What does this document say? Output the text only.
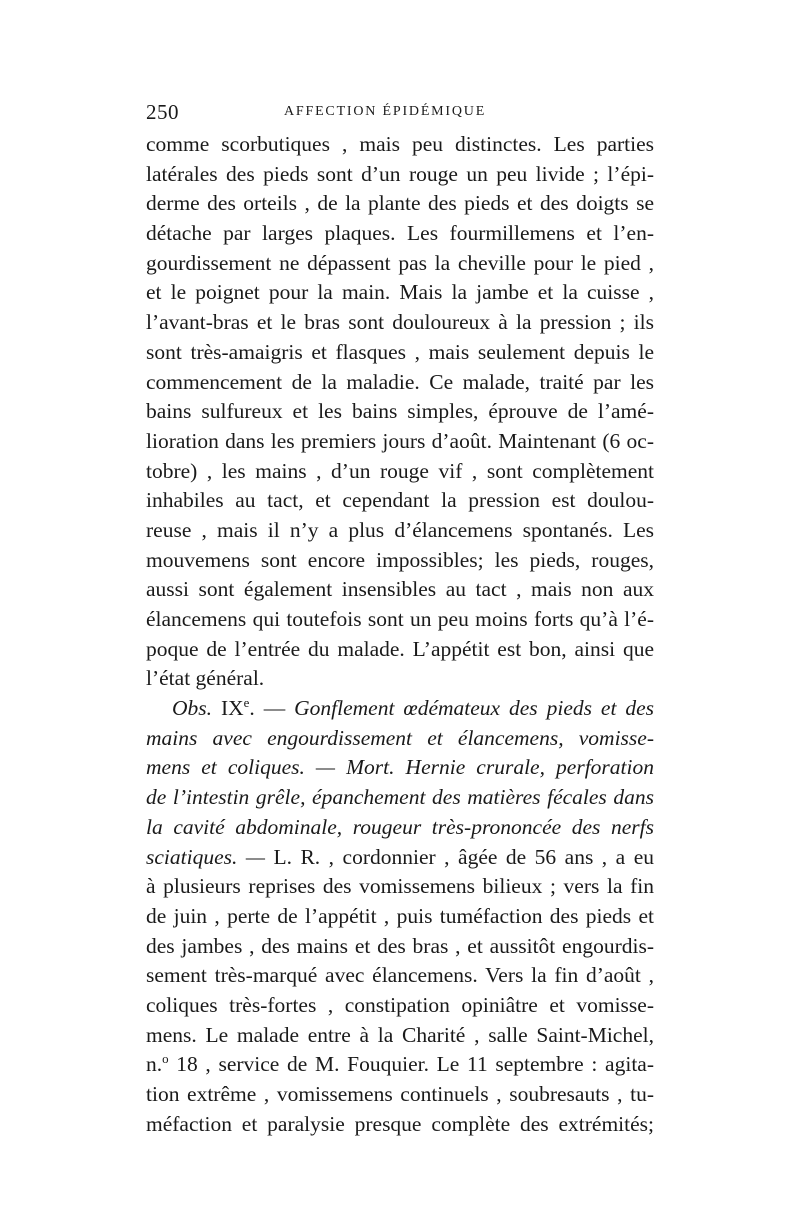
250	AFFECTION ÉPIDÉMIQUE
comme scorbutiques , mais peu distinctes. Les parties
latérales des pieds sont d’un rouge un peu livide ; l’épi-
derme des orteils , de la plante des pieds et des doigts se
détache par larges plaques. Les fourmillemens et l’en-
gourdissement ne dépassent pas la cheville pour le pied ,
et le poignet pour la main. Mais la jambe et la cuisse ,
l’avant-bras et le bras sont douloureux à la pression ; ils
sont très-amaigris et flasques , mais seulement depuis le
commencement de la maladie. Ce malade, traité par les
bains sulfureux et les bains simples, éprouve de l’amé-
lioration dans les premiers jours d’août. Maintenant (6 oc-
tobre) , les mains , d’un rouge vif , sont complètement
inhabiles au tact, et cependant la pression est doulou-
reuse , mais il n’y a plus d’élancemens spontanés. Les
mouvemens sont encore impossibles; les pieds, rouges,
aussi sont également insensibles au tact , mais non aux
élancemens qui toutefois sont un peu moins forts qu’à l’é-
poque de l’entrée du malade. L’appétit est bon, ainsi que
l’état général.
Obs. IXe. — Gonflement œdémateux des pieds et des
mains avec engourdissement et élancemens, vomisse-
mens et coliques. — Mort. Hernie crurale, perforation
de l’intestin grêle, épanchement des matières fécales dans
la cavité abdominale, rougeur très-prononcée des nerfs
sciatiques. — L. R. , cordonnier , âgée de 56 ans , a eu
à plusieurs reprises des vomissemens bilieux ; vers la fin
de juin , perte de l’appétit , puis tuméfaction des pieds et
des jambes , des mains et des bras , et aussitôt engourdis-
sement très-marqué avec élancemens. Vers la fin d’août ,
coliques très-fortes , constipation opiniâtre et vomisse-
mens. Le malade entre à la Charité , salle Saint-Michel,
n.$^o$ 18 , service de M. Fouquier. Le 11 septembre : agita-
tion extrême , vomissemens continuels , soubresauts , tu-
méfaction et paralysie presque complète des extrémités;
